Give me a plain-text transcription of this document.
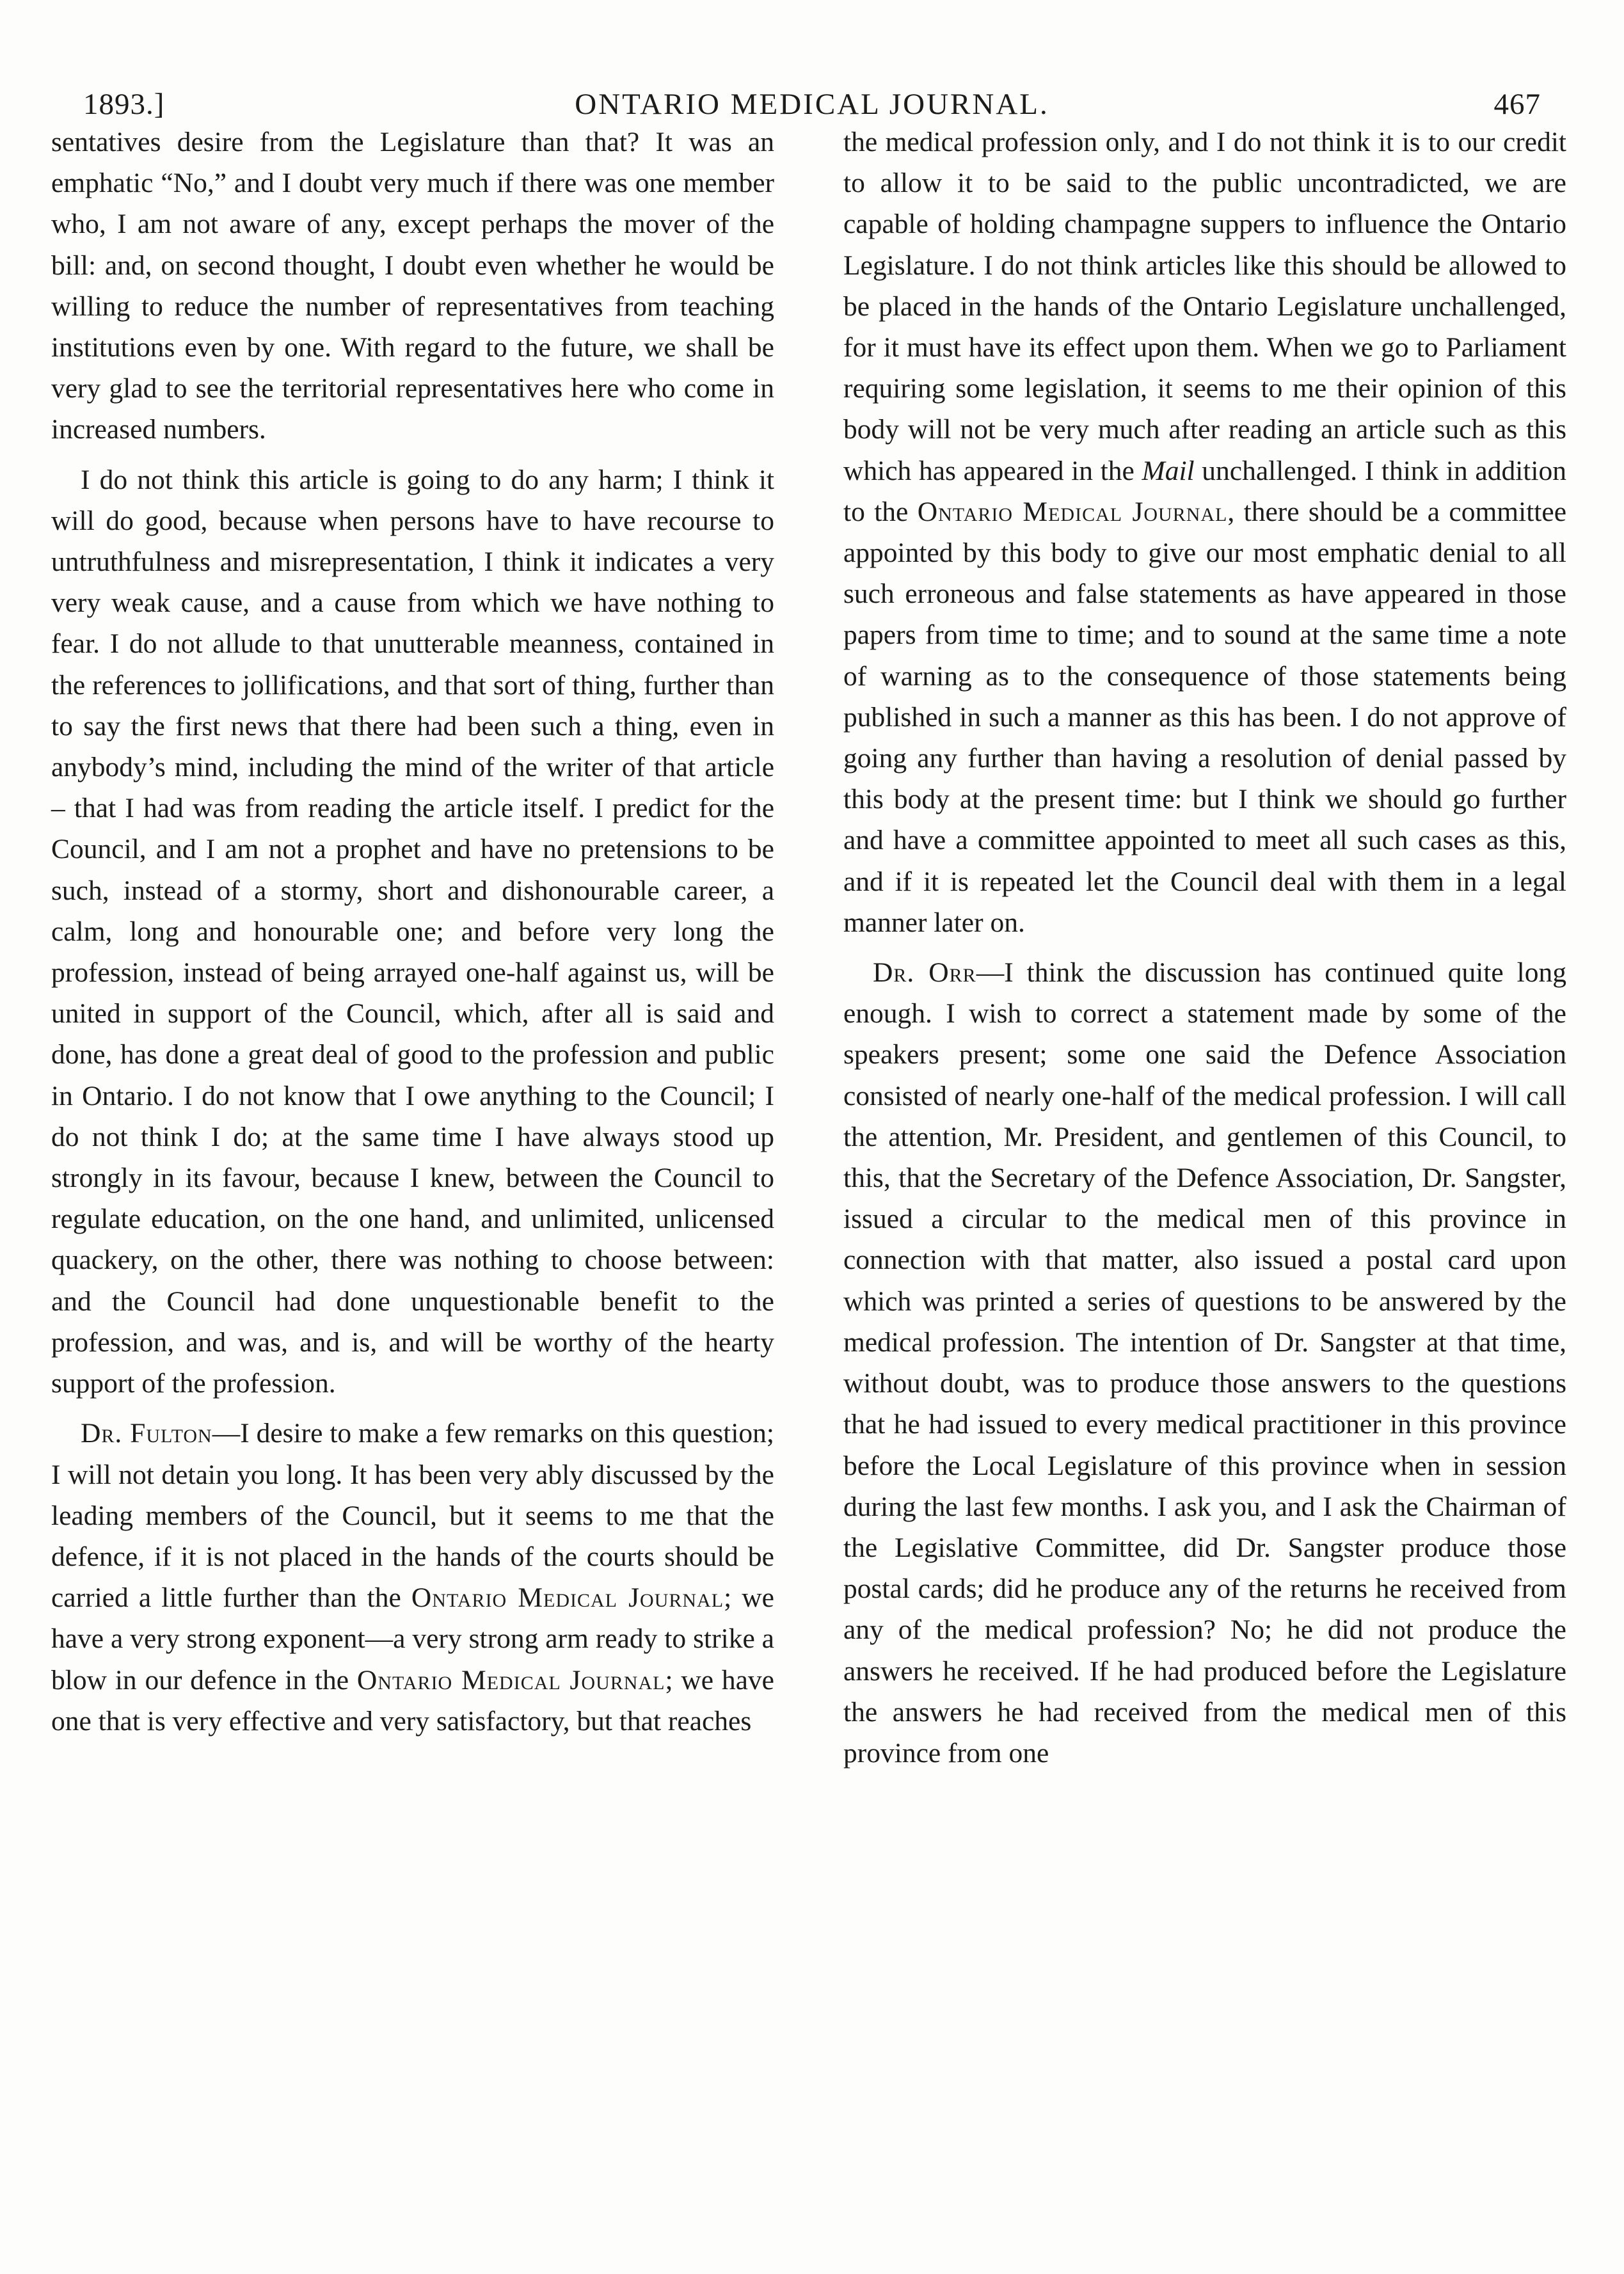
1893.]	ONTARIO MEDICAL JOURNAL.	467

sentatives desire from the Legislature than that? It was an emphatic “No,” and I doubt very much if there was one member who, I am not aware of any, except perhaps the mover of the bill: and, on second thought, I doubt even whether he would be willing to reduce the number of representatives from teaching institutions even by one. With regard to the future, we shall be very glad to see the territorial representatives here who come in increased numbers.

I do not think this article is going to do any harm; I think it will do good, because when persons have to have recourse to untruthfulness and misrepresentation, I think it indicates a very very weak cause, and a cause from which we have nothing to fear. I do not allude to that unutterable meanness, contained in the references to jollifications, and that sort of thing, further than to say the first news that there had been such a thing, even in anybody’s mind, including the mind of the writer of that article – that I had was from reading the article itself. I predict for the Council, and I am not a prophet and have no pretensions to be such, instead of a stormy, short and dishonourable career, a calm, long and honourable one; and before very long the profession, instead of being arrayed one-half against us, will be united in support of the Council, which, after all is said and done, has done a great deal of good to the profession and public in Ontario. I do not know that I owe anything to the Council; I do not think I do; at the same time I have always stood up strongly in its favour, because I knew, between the Council to regulate education, on the one hand, and unlimited, unlicensed quackery, on the other, there was nothing to choose between: and the Council had done unquestionable benefit to the profession, and was, and is, and will be worthy of the hearty support of the profession.

Dr. Fulton—I desire to make a few remarks on this question; I will not detain you long. It has been very ably discussed by the leading members of the Council, but it seems to me that the defence, if it is not placed in the hands of the courts should be carried a little further than the Ontario Medical Journal; we have a very strong exponent—a very strong arm ready to strike a blow in our defence in the Ontario Medical Journal; we have one that is very effective and very satisfactory, but that reaches

the medical profession only, and I do not think it is to our credit to allow it to be said to the public uncontradicted, we are capable of holding champagne suppers to influence the Ontario Legislature. I do not think articles like this should be allowed to be placed in the hands of the Ontario Legislature unchallenged, for it must have its effect upon them. When we go to Parliament requiring some legislation, it seems to me their opinion of this body will not be very much after reading an article such as this which has appeared in the Mail unchallenged. I think in addition to the Ontario Medical Journal, there should be a committee appointed by this body to give our most emphatic denial to all such erroneous and false statements as have appeared in those papers from time to time; and to sound at the same time a note of warning as to the consequence of those statements being published in such a manner as this has been. I do not approve of going any further than having a resolution of denial passed by this body at the present time: but I think we should go further and have a committee appointed to meet all such cases as this, and if it is repeated let the Council deal with them in a legal manner later on.

Dr. Orr—I think the discussion has continued quite long enough. I wish to correct a statement made by some of the speakers present; some one said the Defence Association consisted of nearly one-half of the medical profession. I will call the attention, Mr. President, and gentlemen of this Council, to this, that the Secretary of the Defence Association, Dr. Sangster, issued a circular to the medical men of this province in connection with that matter, also issued a postal card upon which was printed a series of questions to be answered by the medical profession. The intention of Dr. Sangster at that time, without doubt, was to produce those answers to the questions that he had issued to every medical practitioner in this province before the Local Legislature of this province when in session during the last few months. I ask you, and I ask the Chairman of the Legislative Committee, did Dr. Sangster produce those postal cards; did he produce any of the returns he received from any of the medical profession? No; he did not produce the answers he received. If he had produced before the Legislature the answers he had received from the medical men of this province from one
